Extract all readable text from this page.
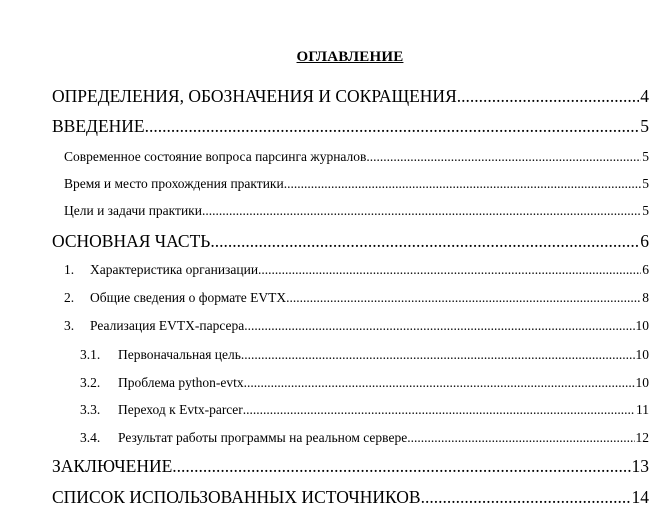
ОГЛАВЛЕНИЕ
ОПРЕДЕЛЕНИЯ, ОБОЗНАЧЕНИЯ И СОКРАЩЕНИЯ .....	4
ВВЕДЕНИЕ .....	5
Современное состояние вопроса парсинга журналов .....	5
Время и место прохождения практики .....	5
Цели и задачи практики .....	5
ОСНОВНАЯ ЧАСТЬ .....	6
1.	Характеристика организации .....	6
2.	Общие сведения о формате EVTX .....	8
3.	Реализация EVTX-парсера .....	10
3.1.	Первоначальная цель .....	10
3.2.	Проблема python-evtx .....	10
3.3.	Переход к Evtx-parcer .....	11
3.4.	Результат работы программы на реальном сервере .....	12
ЗАКЛЮЧЕНИЕ .....	13
СПИСОК ИСПОЛЬЗОВАННЫХ ИСТОЧНИКОВ .....	14
